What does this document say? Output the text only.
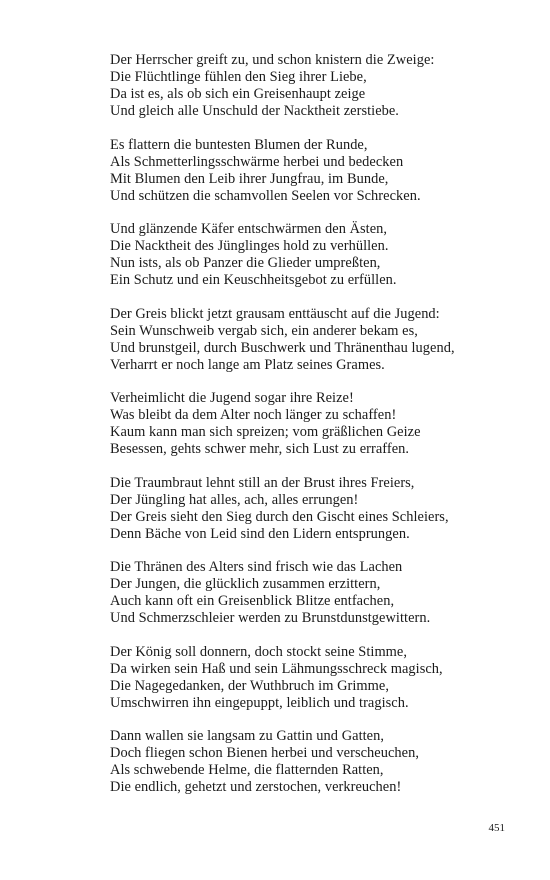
Der Herrscher greift zu, und schon knistern die Zweige:
Die Flüchtlinge fühlen den Sieg ihrer Liebe,
Da ist es, als ob sich ein Greisenhaupt zeige
Und gleich alle Unschuld der Nacktheit zerstiebe.
Es flattern die buntesten Blumen der Runde,
Als Schmetterlingsschwärme herbei und bedecken
Mit Blumen den Leib ihrer Jungfrau, im Bunde,
Und schützen die schamvollen Seelen vor Schrecken.
Und glänzende Käfer entschwärmen den Ästen,
Die Nacktheit des Jünglinges hold zu verhüllen.
Nun ists, als ob Panzer die Glieder umpreßten,
Ein Schutz und ein Keuschheitsgebot zu erfüllen.
Der Greis blickt jetzt grausam enttäuscht auf die Jugend:
Sein Wunschweib vergab sich, ein anderer bekam es,
Und brunstgeil, durch Buschwerk und Thränenthau lugend,
Verharrt er noch lange am Platz seines Grames.
Verheimlicht die Jugend sogar ihre Reize!
Was bleibt da dem Alter noch länger zu schaffen!
Kaum kann man sich spreizen; vom gräßlichen Geize
Besessen, gehts schwer mehr, sich Lust zu erraffen.
Die Traumbraut lehnt still an der Brust ihres Freiers,
Der Jüngling hat alles, ach, alles errungen!
Der Greis sieht den Sieg durch den Gischt eines Schleiers,
Denn Bäche von Leid sind den Lidern entsprungen.
Die Thränen des Alters sind frisch wie das Lachen
Der Jungen, die glücklich zusammen erzittern,
Auch kann oft ein Greisenblick Blitze entfachen,
Und Schmerzschleier werden zu Brunstdunstgewittern.
Der König soll donnern, doch stockt seine Stimme,
Da wirken sein Haß und sein Lähmungsschreck magisch,
Die Nagegedanken, der Wuthbruch im Grimme,
Umschwirren ihn eingepuppt, leiblich und tragisch.
Dann wallen sie langsam zu Gattin und Gatten,
Doch fliegen schon Bienen herbei und verscheuchen,
Als schwebende Helme, die flatternden Ratten,
Die endlich, gehetzt und zerstochen, verkreuchen!
451
